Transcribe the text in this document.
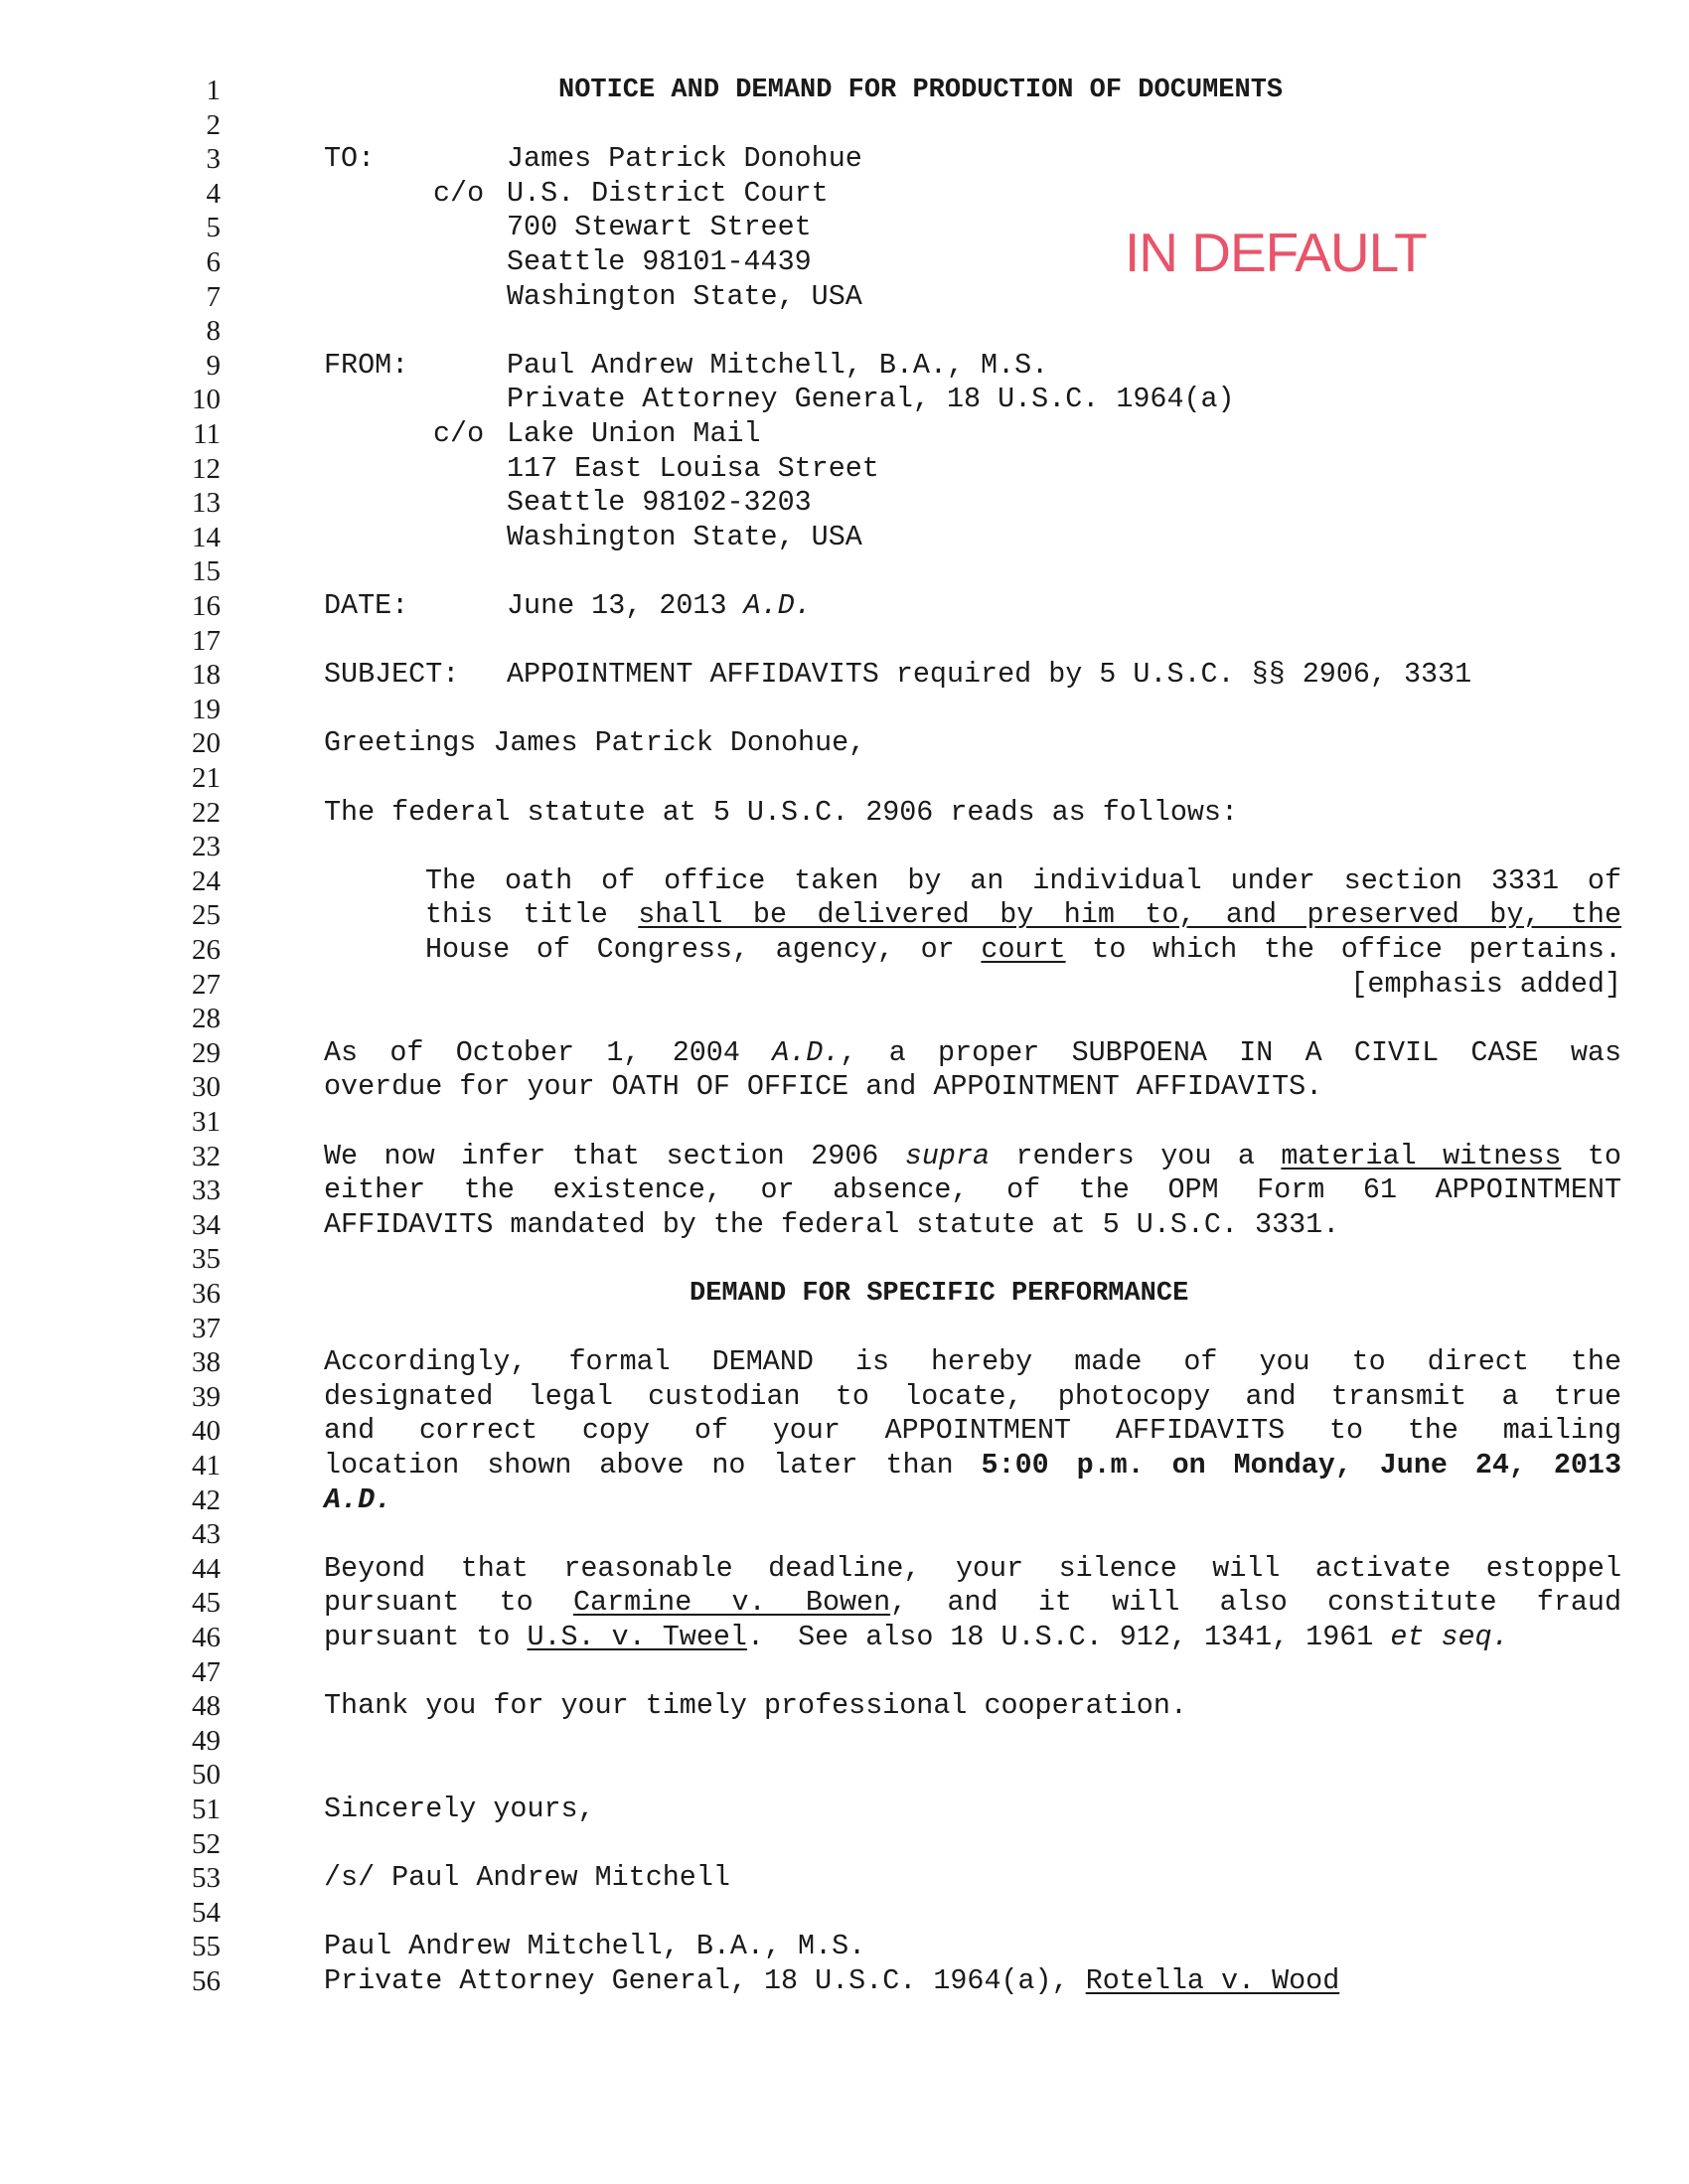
1
2
3
4
5
6
7
8
9
10
11
12
13
14
15
16
17
18
19
20
21
22
23
24
25
26
27
28
29
30
31
32
33
34
35
36
37
38
39
40
41
42
43
44
45
46
47
48
49
50
51
52
53
54
55
56
NOTICE AND DEMAND FOR PRODUCTION OF DOCUMENTS
IN DEFAULT
TO:	James Patrick Donohue
c/o U.S. District Court
700 Stewart Street
Seattle 98101-4439
Washington State, USA
FROM:	Paul Andrew Mitchell, B.A., M.S.
Private Attorney General, 18 U.S.C. 1964(a)
c/o Lake Union Mail
117 East Louisa Street
Seattle 98102-3203
Washington State, USA
DATE:	June 13, 2013 A.D.
SUBJECT: APPOINTMENT AFFIDAVITS required by 5 U.S.C. §§ 2906, 3331
Greetings James Patrick Donohue,
The federal statute at 5 U.S.C. 2906 reads as follows:
The oath of office taken by an individual under section 3331 of
this title shall be delivered by him to, and preserved by, the
House of Congress, agency, or court to which the office pertains.
[emphasis added]
As of October 1, 2004 A.D., a proper SUBPOENA IN A CIVIL CASE was
overdue for your OATH OF OFFICE and APPOINTMENT AFFIDAVITS.
We now infer that section 2906 supra renders you a material witness to
either the existence, or absence, of the OPM Form 61 APPOINTMENT
AFFIDAVITS mandated by the federal statute at 5 U.S.C. 3331.
DEMAND FOR SPECIFIC PERFORMANCE
Accordingly, formal DEMAND is hereby made of you to direct the
designated legal custodian to locate, photocopy and transmit a true
and correct copy of your APPOINTMENT AFFIDAVITS to the mailing
location shown above no later than 5:00 p.m. on Monday, June 24, 2013
A.D.
Beyond that reasonable deadline, your silence will activate estoppel
pursuant to Carmine v. Bowen, and it will also constitute fraud
pursuant to U.S. v. Tweel.  See also 18 U.S.C. 912, 1341, 1961 et seq.
Thank you for your timely professional cooperation.
Sincerely yours,
/s/ Paul Andrew Mitchell
Paul Andrew Mitchell, B.A., M.S.
Private Attorney General, 18 U.S.C. 1964(a), Rotella v. Wood
